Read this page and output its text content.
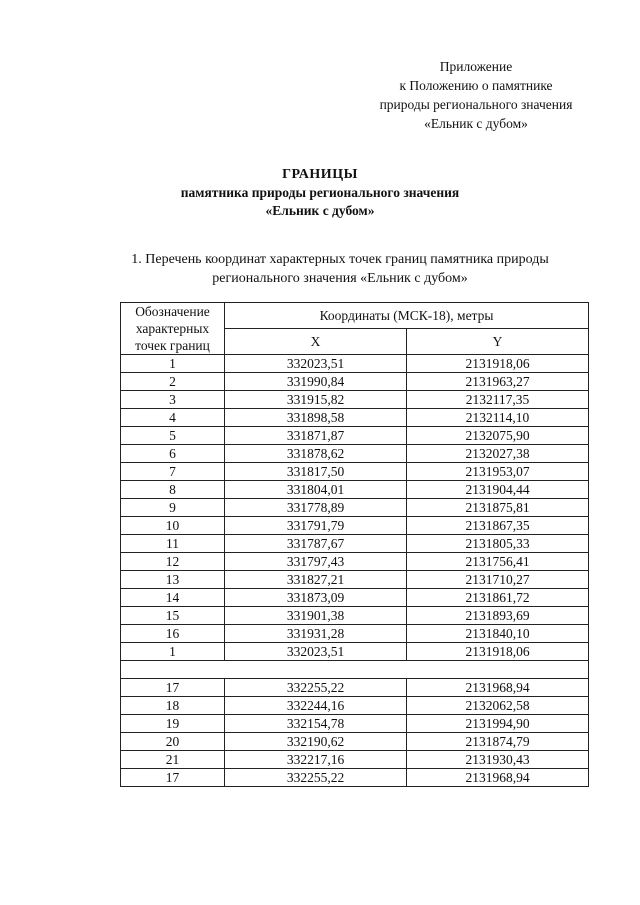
Приложение
к Положению о памятнике
природы регионального значения
«Ельник с дубом»
ГРАНИЦЫ
памятника природы регионального значения
«Ельник с дубом»
1. Перечень координат характерных точек границ памятника природы
регионального значения «Ельник с дубом»
Обозначение характерных точек границ	Координаты (МСК-18), метры	
	X	Y
1	332023,51	2131918,06
2	331990,84	2131963,27
3	331915,82	2132117,35
4	331898,58	2132114,10
5	331871,87	2132075,90
6	331878,62	2132027,38
7	331817,50	2131953,07
8	331804,01	2131904,44
9	331778,89	2131875,81
10	331791,79	2131867,35
11	331787,67	2131805,33
12	331797,43	2131756,41
13	331827,21	2131710,27
14	331873,09	2131861,72
15	331901,38	2131893,69
16	331931,28	2131840,10
1	332023,51	2131918,06

17	332255,22	2131968,94
18	332244,16	2132062,58
19	332154,78	2131994,90
20	332190,62	2131874,79
21	332217,16	2131930,43
17	332255,22	2131968,94
